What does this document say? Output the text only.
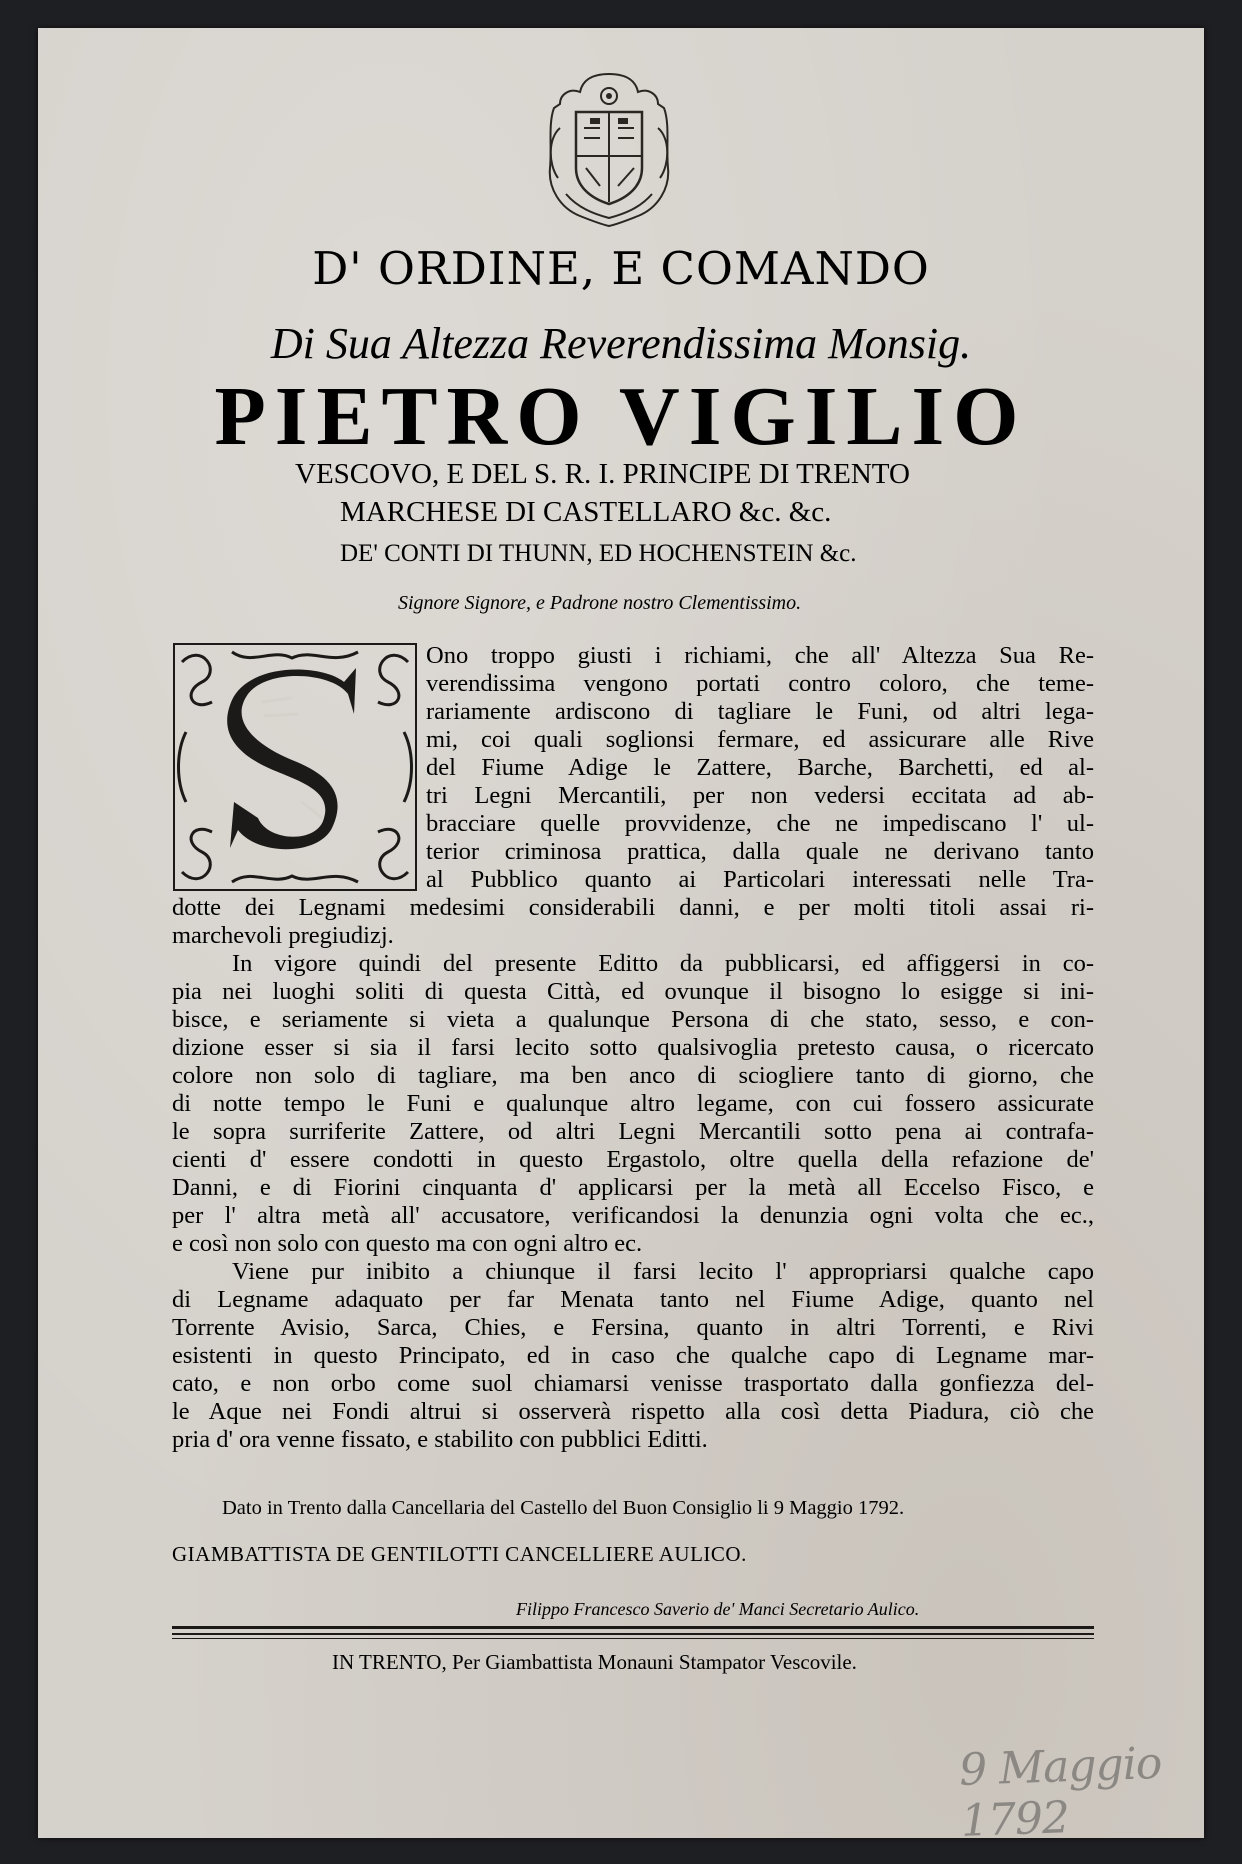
D' ORDINE, E COMANDO
Di Sua Altezza Reverendissima Monsig.
PIETRO VIGILIO
VESCOVO, E DEL S. R. I. PRINCIPE DI TRENTO
MARCHESE DI CASTELLARO &c. &c.
DE' CONTI DI THUNN, ED HOCHENSTEIN &c.
Signore Signore, e Padrone nostro Clementissimo.
Ono troppo giusti i richiami, che all' Altezza Sua Re-
verendissima vengono portati contro coloro, che teme-
rariamente ardiscono di tagliare le Funi, od altri lega-
mi, coi quali soglionsi fermare, ed assicurare alle Rive
del Fiume Adige le Zattere, Barche, Barchetti, ed al-
tri Legni Mercantili, per non vedersi eccitata ad ab-
bracciare quelle provvidenze, che ne impediscano l' ul-
terior criminosa prattica, dalla quale ne derivano tanto
al Pubblico quanto ai Particolari interessati nelle Tra-
dotte dei Legnami medesimi considerabili danni, e per molti titoli assai ri-
marchevoli pregiudizj.
In vigore quindi del presente Editto da pubblicarsi, ed affiggersi in co-
pia nei luoghi soliti di questa Città, ed ovunque il bisogno lo esigge si ini-
bisce, e seriamente si vieta a qualunque Persona di che stato, sesso, e con-
dizione esser si sia il farsi lecito sotto qualsivoglia pretesto causa, o ricercato
colore non solo di tagliare, ma ben anco di sciogliere tanto di giorno, che
di notte tempo le Funi e qualunque altro legame, con cui fossero assicurate
le sopra surriferite Zattere, od altri Legni Mercantili sotto pena ai contrafa-
cienti d' essere condotti in questo Ergastolo, oltre quella della refazione de'
Danni, e di Fiorini cinquanta d' applicarsi per la metà all Eccelso Fisco, e
per l' altra metà all' accusatore, verificandosi la denunzia ogni volta che ec.,
e così non solo con questo ma con ogni altro ec.
Viene pur inibito a chiunque il farsi lecito l' appropriarsi qualche capo
di Legname adaquato per far Menata tanto nel Fiume Adige, quanto nel
Torrente Avisio, Sarca, Chies, e Fersina, quanto in altri Torrenti, e Rivi
esistenti in questo Principato, ed in caso che qualche capo di Legname mar-
cato, e non orbo come suol chiamarsi venisse trasportato dalla gonfiezza del-
le Aque nei Fondi altrui si osserverà rispetto alla così detta Piadura, ciò che
pria d' ora venne fissato, e stabilito con pubblici Editti.
Dato in Trento dalla Cancellaria del Castello del Buon Consiglio li 9 Maggio 1792.
GIAMBATTISTA DE GENTILOTTI CANCELLIERE AULICO.
Filippo Francesco Saverio de' Manci Secretario Aulico.
IN TRENTO, Per Giambattista Monauni Stampator Vescovile.
9 Maggio 1792
